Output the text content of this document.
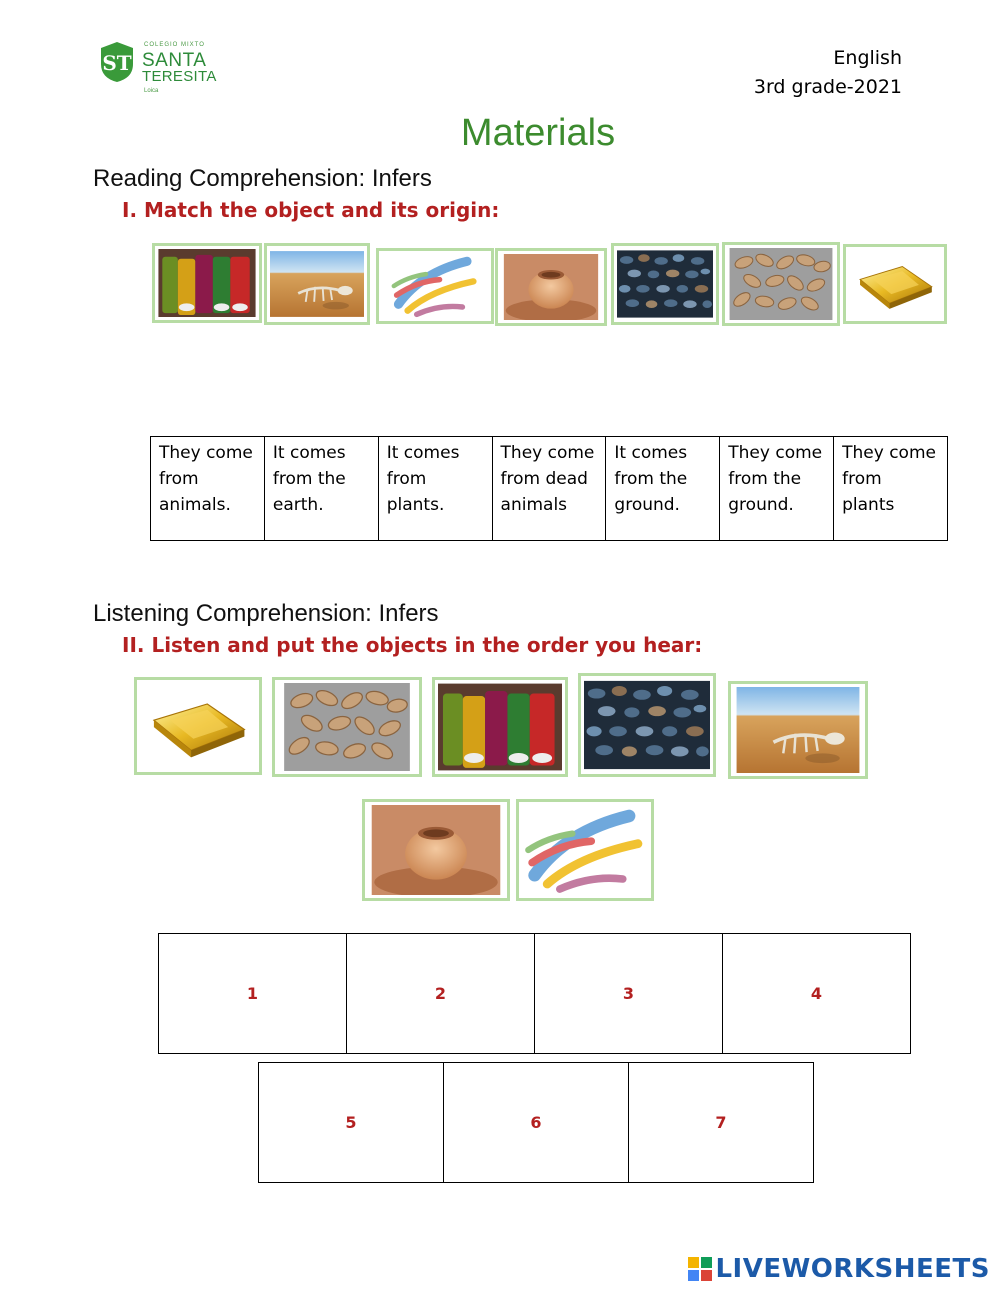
ST
COLEGIO MIXTO
SANTA
TERESITA
Loica
English
3rd grade-2021
Materials
Reading Comprehension: Infers
I. Match the object and its origin:
They come from animals.	It comes from the earth.	It comes from plants.	They come from dead animals	It comes from the ground.	They come from the ground.	They come from plants
Listening Comprehension: Infers
II. Listen and put the objects in the order you hear:
1	2	3	4
5	6	7
LIVEWORKSHEETS
